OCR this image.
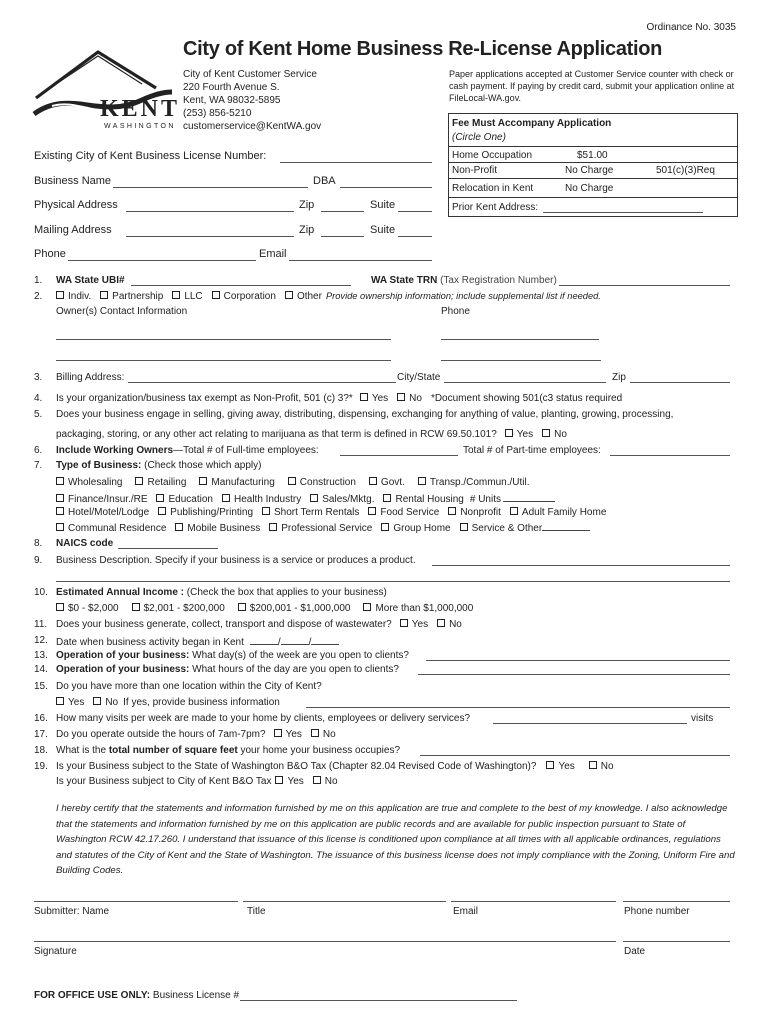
Ordinance No. 3035
City of Kent Home Business Re-License Application
KENT
WASHINGTON
City of Kent Customer Service
220 Fourth Avenue S.
Kent, WA 98032-5895
(253) 856-5210
customerservice@KentWA.gov
Paper applications accepted at Customer Service counter with check or cash payment. If paying by credit card, submit your application online at FileLocal-WA.gov.
Fee Must Accompany Application
(Circle One)
Home Occupation	$51.00
Non-Profit	No Charge	501(c)(3)Req
Relocation in Kent	No Charge
Prior Kent Address:
Existing City of Kent Business License Number:
Business Name	DBA
Physical Address	Zip	Suite
Mailing Address	Zip	Suite
Phone	Email
1. WA State UBI#	WA State TRN (Tax Registration Number)
2.	Indiv. Partnership LLC Corporation Other Provide ownership information; include supplemental list if needed.
Owner(s) Contact Information	Phone
3. Billing Address:	City/State	Zip
4. Is your organization/business tax exempt as Non-Profit, 501 (c) 3?* Yes No *Document showing 501(c3 status required
5. Does your business engage in selling, giving away, distributing, dispensing, exchanging for anything of value, planting, growing, processing,
packaging, storing, or any other act relating to marijuana as that term is defined in RCW 69.50.101? Yes No
6. Include Working Owners—Total # of Full-time employees:	Total # of Part-time employees:
7. Type of Business: (Check those which apply)
Wholesaling	Retailing	Manufacturing	Construction	Govt.	Transp./Commun./Util.
Finance/Insur./RE Education Health Industry Sales/Mktg. Rental Housing # Units
Hotel/Motel/Lodge Publishing/Printing Short Term Rentals Food Service Nonprofit Adult Family Home
Communal Residence Mobile Business Professional Service Group Home Service & Other
8. NAICS code
9. Business Description. Specify if your business is a service or produces a product.
10. Estimated Annual Income : (Check the box that applies to your business)
$0 - $2,000	$2,001 - $200,000	$200,001 - $1,000,000	More than $1,000,000
11. Does your business generate, collect, transport and dispose of wastewater? Yes No
12. Date when business activity began in Kent	/	/
13. Operation of your business: What day(s) of the week are you open to clients?
14. Operation of your business: What hours of the day are you open to clients?
15. Do you have more than one location within the City of Kent?
Yes No If yes, provide business information
16. How many visits per week are made to your home by clients, employees or delivery services?	visits
17. Do you operate outside the hours of 7am-7pm? Yes No
18. What is the total number of square feet your home your business occupies?
19. Is your Business subject to the State of Washington B&O Tax (Chapter 82.04 Revised Code of Washington)? Yes	No
Is your Business subject to City of Kent B&O Tax Yes No
I hereby certify that the statements and information furnished by me on this application are true and complete to the best of my knowledge. I also acknowledge that the statements and information furnished by me on this application are public records and are available for public inspection pursuant to State of Washington RCW 42.17.260. I understand that issuance of this license is conditioned upon compliance at all times with all applicable ordinances, regulations and statutes of the City of Kent and the State of Washington. The issuance of this business license does not imply compliance with the Zoning, Uniform Fire and Building Codes.
Submitter: Name	Title	Email	Phone number
Signature	Date
FOR OFFICE USE ONLY: Business License #
